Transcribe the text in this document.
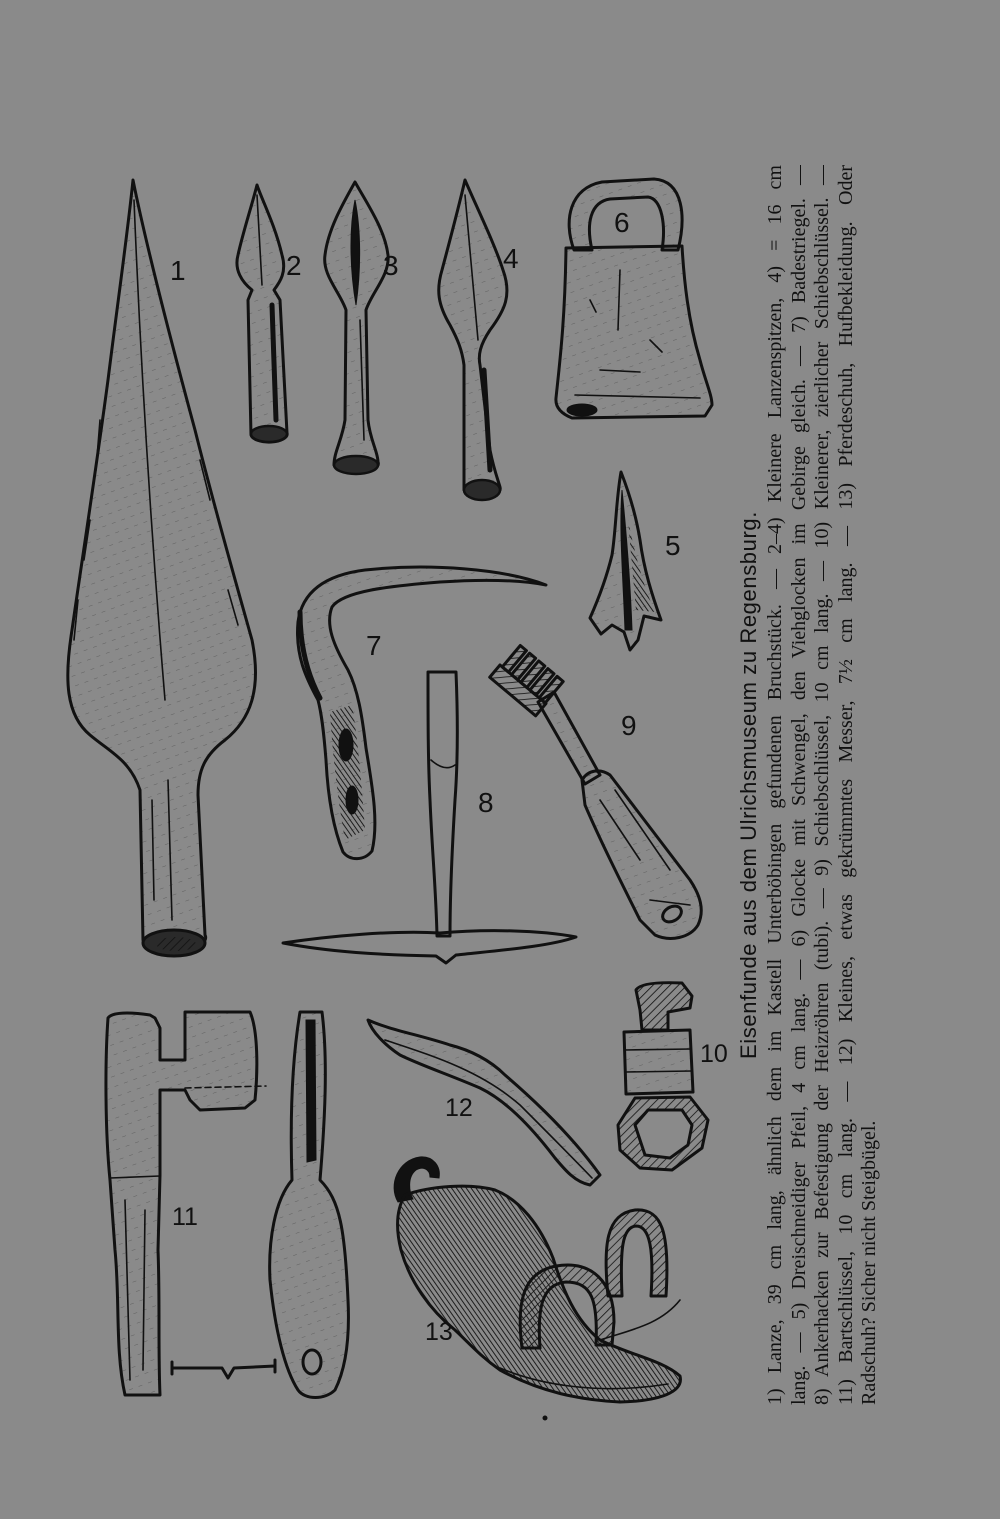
1	2	3	4
6
5
7
8
9
10
11
12
13
Eisenfunde aus dem Ulrichsmuseum zu Regensburg. 1) Lanze, 39 cm lang, ähnlich dem im Kastell Unterböbingen gefundenen Bruchstück. — 2–4) Kleinere Lanzenspitzen, 4) = 16 cm lang. — 5) Dreischneidiger Pfeil, 4 cm lang. — 6) Glocke mit Schwengel, den Viehglocken im Gebirge gleich. — 7) Badestriegel. — 8) Ankerhacken zur Befestigung der Heizröhren (tubi). — 9) Schiebschlüssel, 10 cm lang. — 10) Kleinerer, zierlicher Schiebschlüssel. — 11) Bartschlüssel, 10 cm lang. — 12) Kleines, etwas gekrümmtes Messer, 7½ cm lang. — 13) Pferdeschuh, Hufbekleidung. Oder Radschuh? Sicher nicht Steigbügel.
